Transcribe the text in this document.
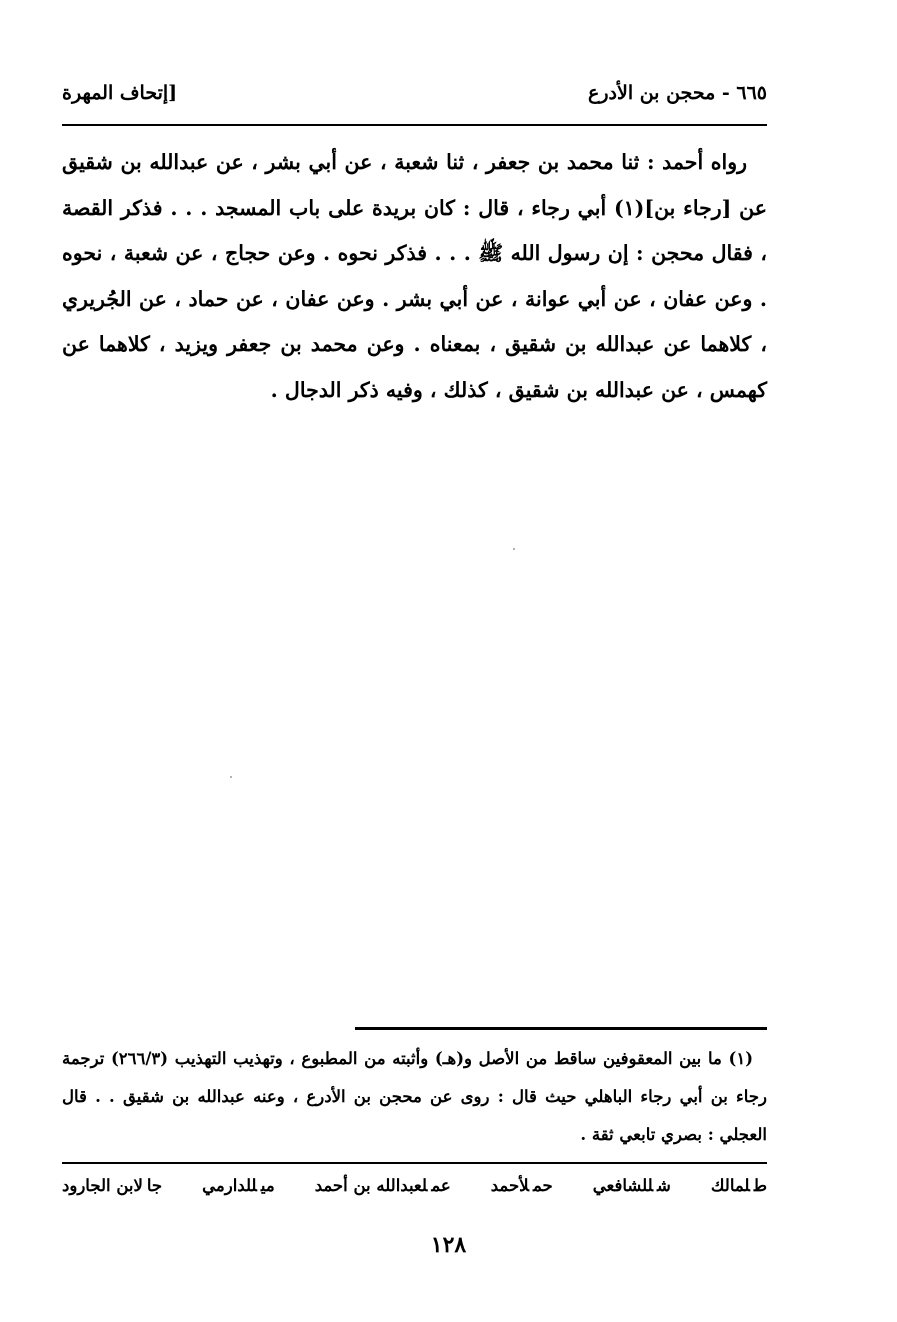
٦٦٥ - محجن بن الأدرع
[إتحاف المهرة

رواه أحمد : ثنا محمد بن جعفر ، ثنا شعبة ، عن أبي بشر ، عن عبدالله بن شقيق عن [رجاء بن](١) أبي رجاء ، قال : كان بريدة على باب المسجد . . . فذكر القصة ، فقال محجن : إن رسول الله ﷺ . . . فذكر نحوه . وعن حجاج ، عن شعبة ، نحوه . وعن عفان ، عن أبي عوانة ، عن أبي بشر . وعن عفان ، عن حماد ، عن الجُريري ، كلاهما عن عبدالله بن شقيق ، بمعناه . وعن محمد بن جعفر ويزيد ، كلاهما عن كهمس ، عن عبدالله بن شقيق ، كذلك ، وفيه ذكر الدجال .

(١) ما بين المعقوفين ساقط من الأصل و(هـ) وأثبته من المطبوع ، وتهذيب التهذيب (٢٦٦/٣) ترجمة رجاء بن أبي رجاء الباهلي حيث قال : روى عن محجن بن الأدرع ، وعنه عبدالله بن شقيق . . قال العجلي : بصري تابعي ثقة .

طلمالك
شللشافعي
حملأحمد
عملعبدالله بن أحمد
ميللدارمي
جالابن الجارود
١٢٨
